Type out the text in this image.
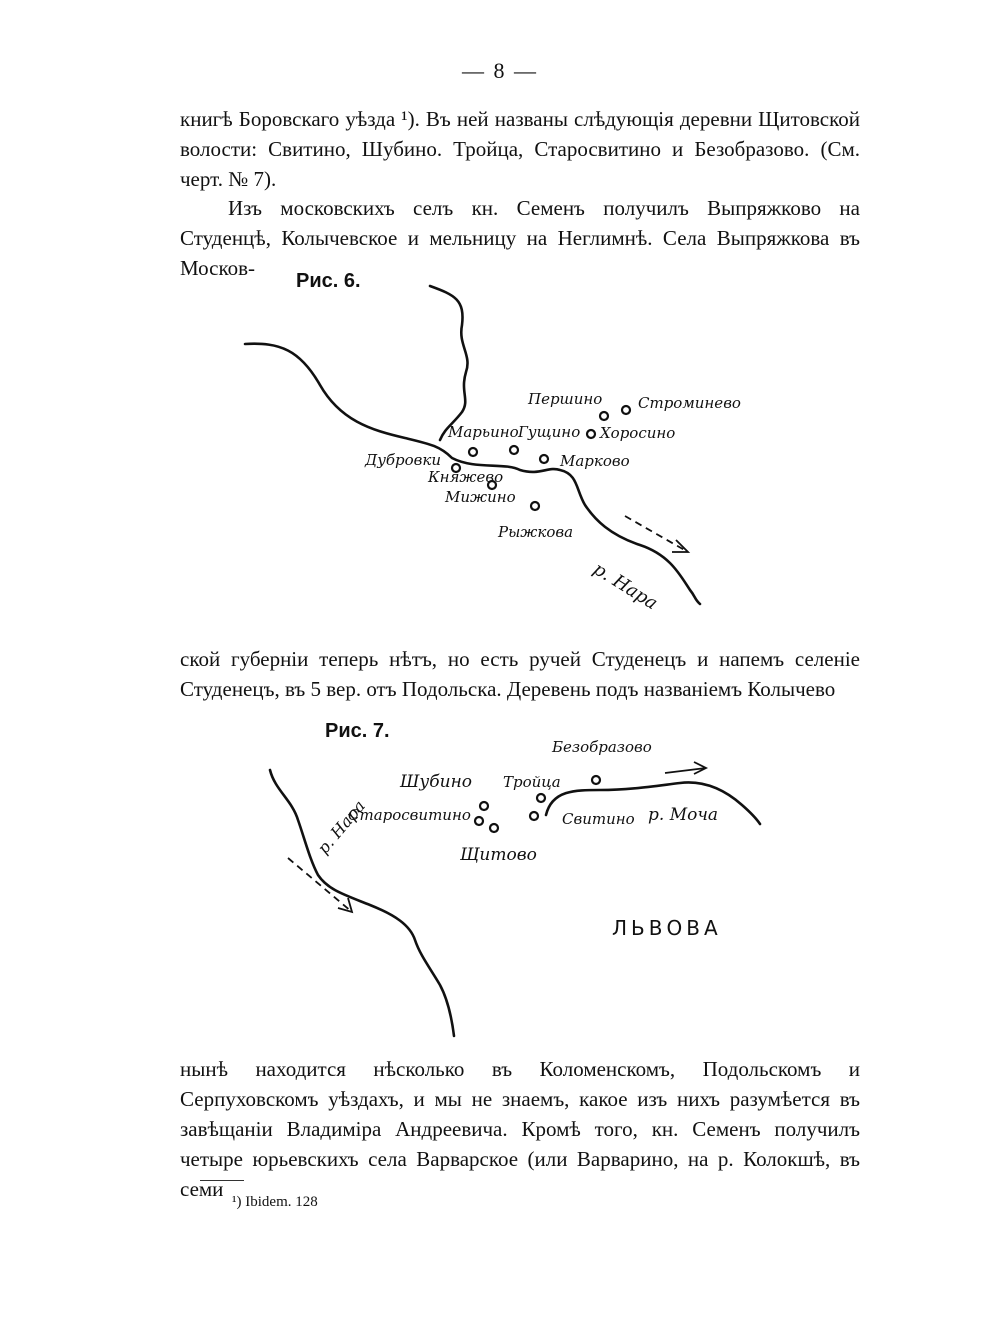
— 8 —

книгѣ Боровскаго уѣзда ¹). Въ ней названы слѣдующія деревни Щитовской волости: Свитино, Шубино. Тройца, Старосвитино и Безобразово. (См. черт. № 7).

Изъ московскихъ селъ кн. Семенъ получилъ Выпряжково на Студенцѣ, Колычевское и мельницу на Неглимнѣ. Села Выпряжкова въ Москов-

Рис. 6.
Першино Строминево
Марьино Гущино Хоросино
Дубровки	Марково
Княжево
Мижино
Рыжкова
р. Нара

ской губерніи теперь нѣтъ, но есть ручей Студенецъ и напемъ селеніе Студенецъ, въ 5 вер. отъ Подольска. Деревень подъ названіемъ Колычево

Рис. 7.
Безобразово
Шубино Тройца
Старосвитино	Свитино
Щитово
р. Моча
р. Нара
ЛЬВОВА

нынѣ находится нѣсколько въ Коломенскомъ, Подольскомъ и Серпуховскомъ уѣздахъ, и мы не знаемъ, какое изъ нихъ разумѣется въ завѣщаніи Владиміра Андреевича. Кромѣ того, кн. Семенъ получилъ четыре юрьевскихъ села Варварское (или Варварино, на р. Колокшѣ, въ семи

¹) Ibidem. 128
